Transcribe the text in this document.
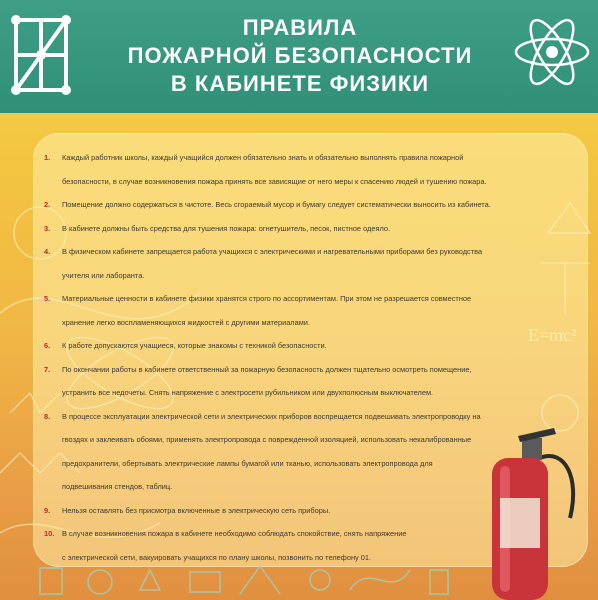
ПРАВИЛА
ПОЖАРНОЙ БЕЗОПАСНОСТИ
В КАБИНЕТЕ ФИЗИКИ
1. Каждый работник школы, каждый учащийся должен обязательно знать и обязательно выполнять правила пожарной
безопасности, в случае возникновения пожара принять все зависящие от него меры к спасению людей и тушению пожара.
2. Помещение должно содержаться в чистоте. Весь сгораемый мусор и бумагу следует систематически выносить из кабинета.
3. В кабинете должны быть средства для тушения пожара: огнетушитель, песок, пистное одеяло.
4. В физическом кабинете запрещается работа учащихся с электрическими и нагревательными приборами без руководства
учителя или лаборанта.
5. Материальные ценности в кабинете физики хранятся строго по ассортиментам. При этом не разрешается совместное
хранение легко воспламеняющихся жидкостей с другими материалами.
6. К работе допускаются учащиеся, которые знакомы с техникой безопасности.
7. По окончании работы в кабинете ответственный за пожарную безопасность должен тщательно осмотреть помещение,
устранить все недочеты. Снять напряжение с электросети рубильником или двухполюсным выключателем.
8. В процессе эксплуатации электрической сети и электрических приборов воспрещается подвешивать электропроводку на
гвоздях и заклеивать обоями, применять электропровода с поврежденной изоляцией, использовать некалиброванные
предохранители, обертывать электрические лампы бумагой или тканью, использовать электропровода для
подвешивания стендов, таблиц.
9. Нельзя оставлять без присмотра включенные в электрическую сеть приборы.
10. В случае возникновения пожара в кабинете необходимо соблюдать спокойствие, снять напряжение
с электрической сети, вакуировать учащихся по плану школы, позвонить по телефону 01.
